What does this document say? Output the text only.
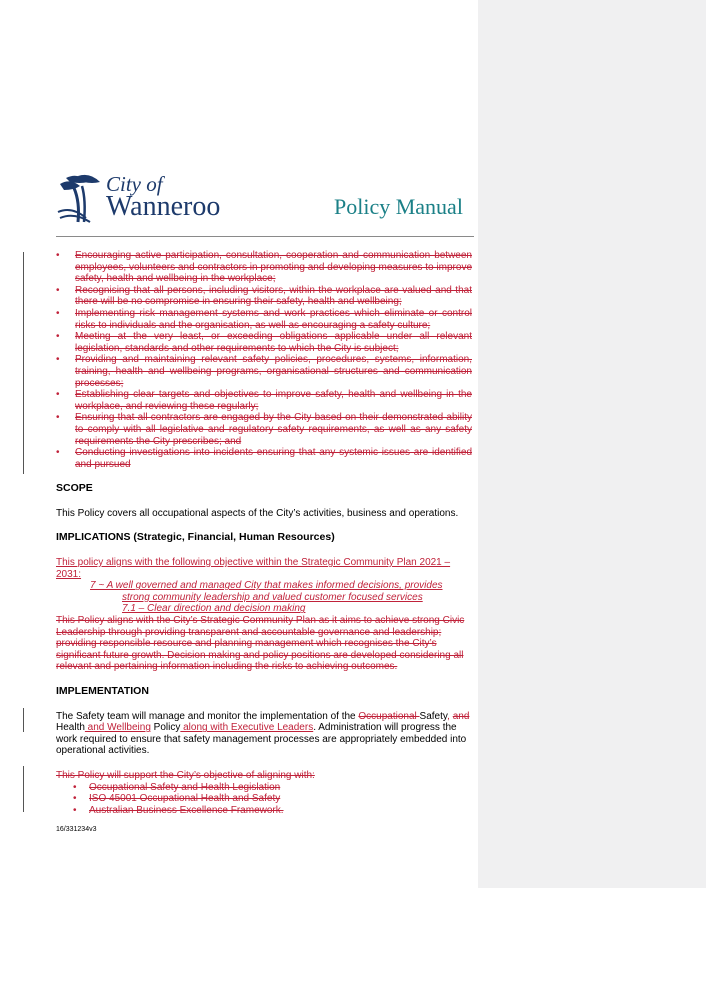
City of
Wanneroo	Policy Manual
• Encouraging active participation, consultation, cooperation and communication between employees, volunteers and contractors in promoting and developing measures to improve safety, health and wellbeing in the workplace;
• Recognising that all persons, including visitors, within the workplace are valued and that there will be no compromise in ensuring their safety, health and wellbeing;
• Implementing risk management systems and work practices which eliminate or control risks to individuals and the organisation, as well as encouraging a safety culture;
• Meeting at the very least, or exceeding obligations applicable under all relevant legislation, standards and other requirements to which the City is subject;
• Providing and maintaining relevant safety policies, procedures, systems, information, training, health and wellbeing programs, organisational structures and communication processes;
• Establishing clear targets and objectives to improve safety, health and wellbeing in the workplace, and reviewing these regularly;
• Ensuring that all contractors are engaged by the City based on their demonstrated ability to comply with all legislative and regulatory safety requirements, as well as any safety requirements the City prescribes; and
• Conducting investigations into incidents ensuring that any systemic issues are identified and pursued
SCOPE

This Policy covers all occupational aspects of the City’s activities, business and operations.

IMPLICATIONS (Strategic, Financial, Human Resources)

This policy aligns with the following objective within the Strategic Community Plan 2021 – 2031:

7 ~ A well governed and managed City that makes informed decisions, provides

strong community leadership and valued customer focused services

7.1 – Clear direction and decision making

This Policy aligns with the City’s Strategic Community Plan as it aims to achieve strong Civic Leadership through providing transparent and accountable governance and leadership; providing responsible resource and planning management which recognises the City’s significant future growth. Decision making and policy positions are developed considering all relevant and pertaining information including the risks to achieving outcomes.

IMPLEMENTATION

The Safety team will manage and monitor the implementation of the Occupational Safety, and Health and Wellbeing Policy along with Executive Leaders. Administration will progress the work required to ensure that safety management processes are appropriately embedded into operational activities.

This Policy will support the City’s objective of aligning with:

• Occupational Safety and Health Legislation
• ISO 45001 Occupational Health and Safety
• Australian Business Excellence Framework.

16/331234v3
